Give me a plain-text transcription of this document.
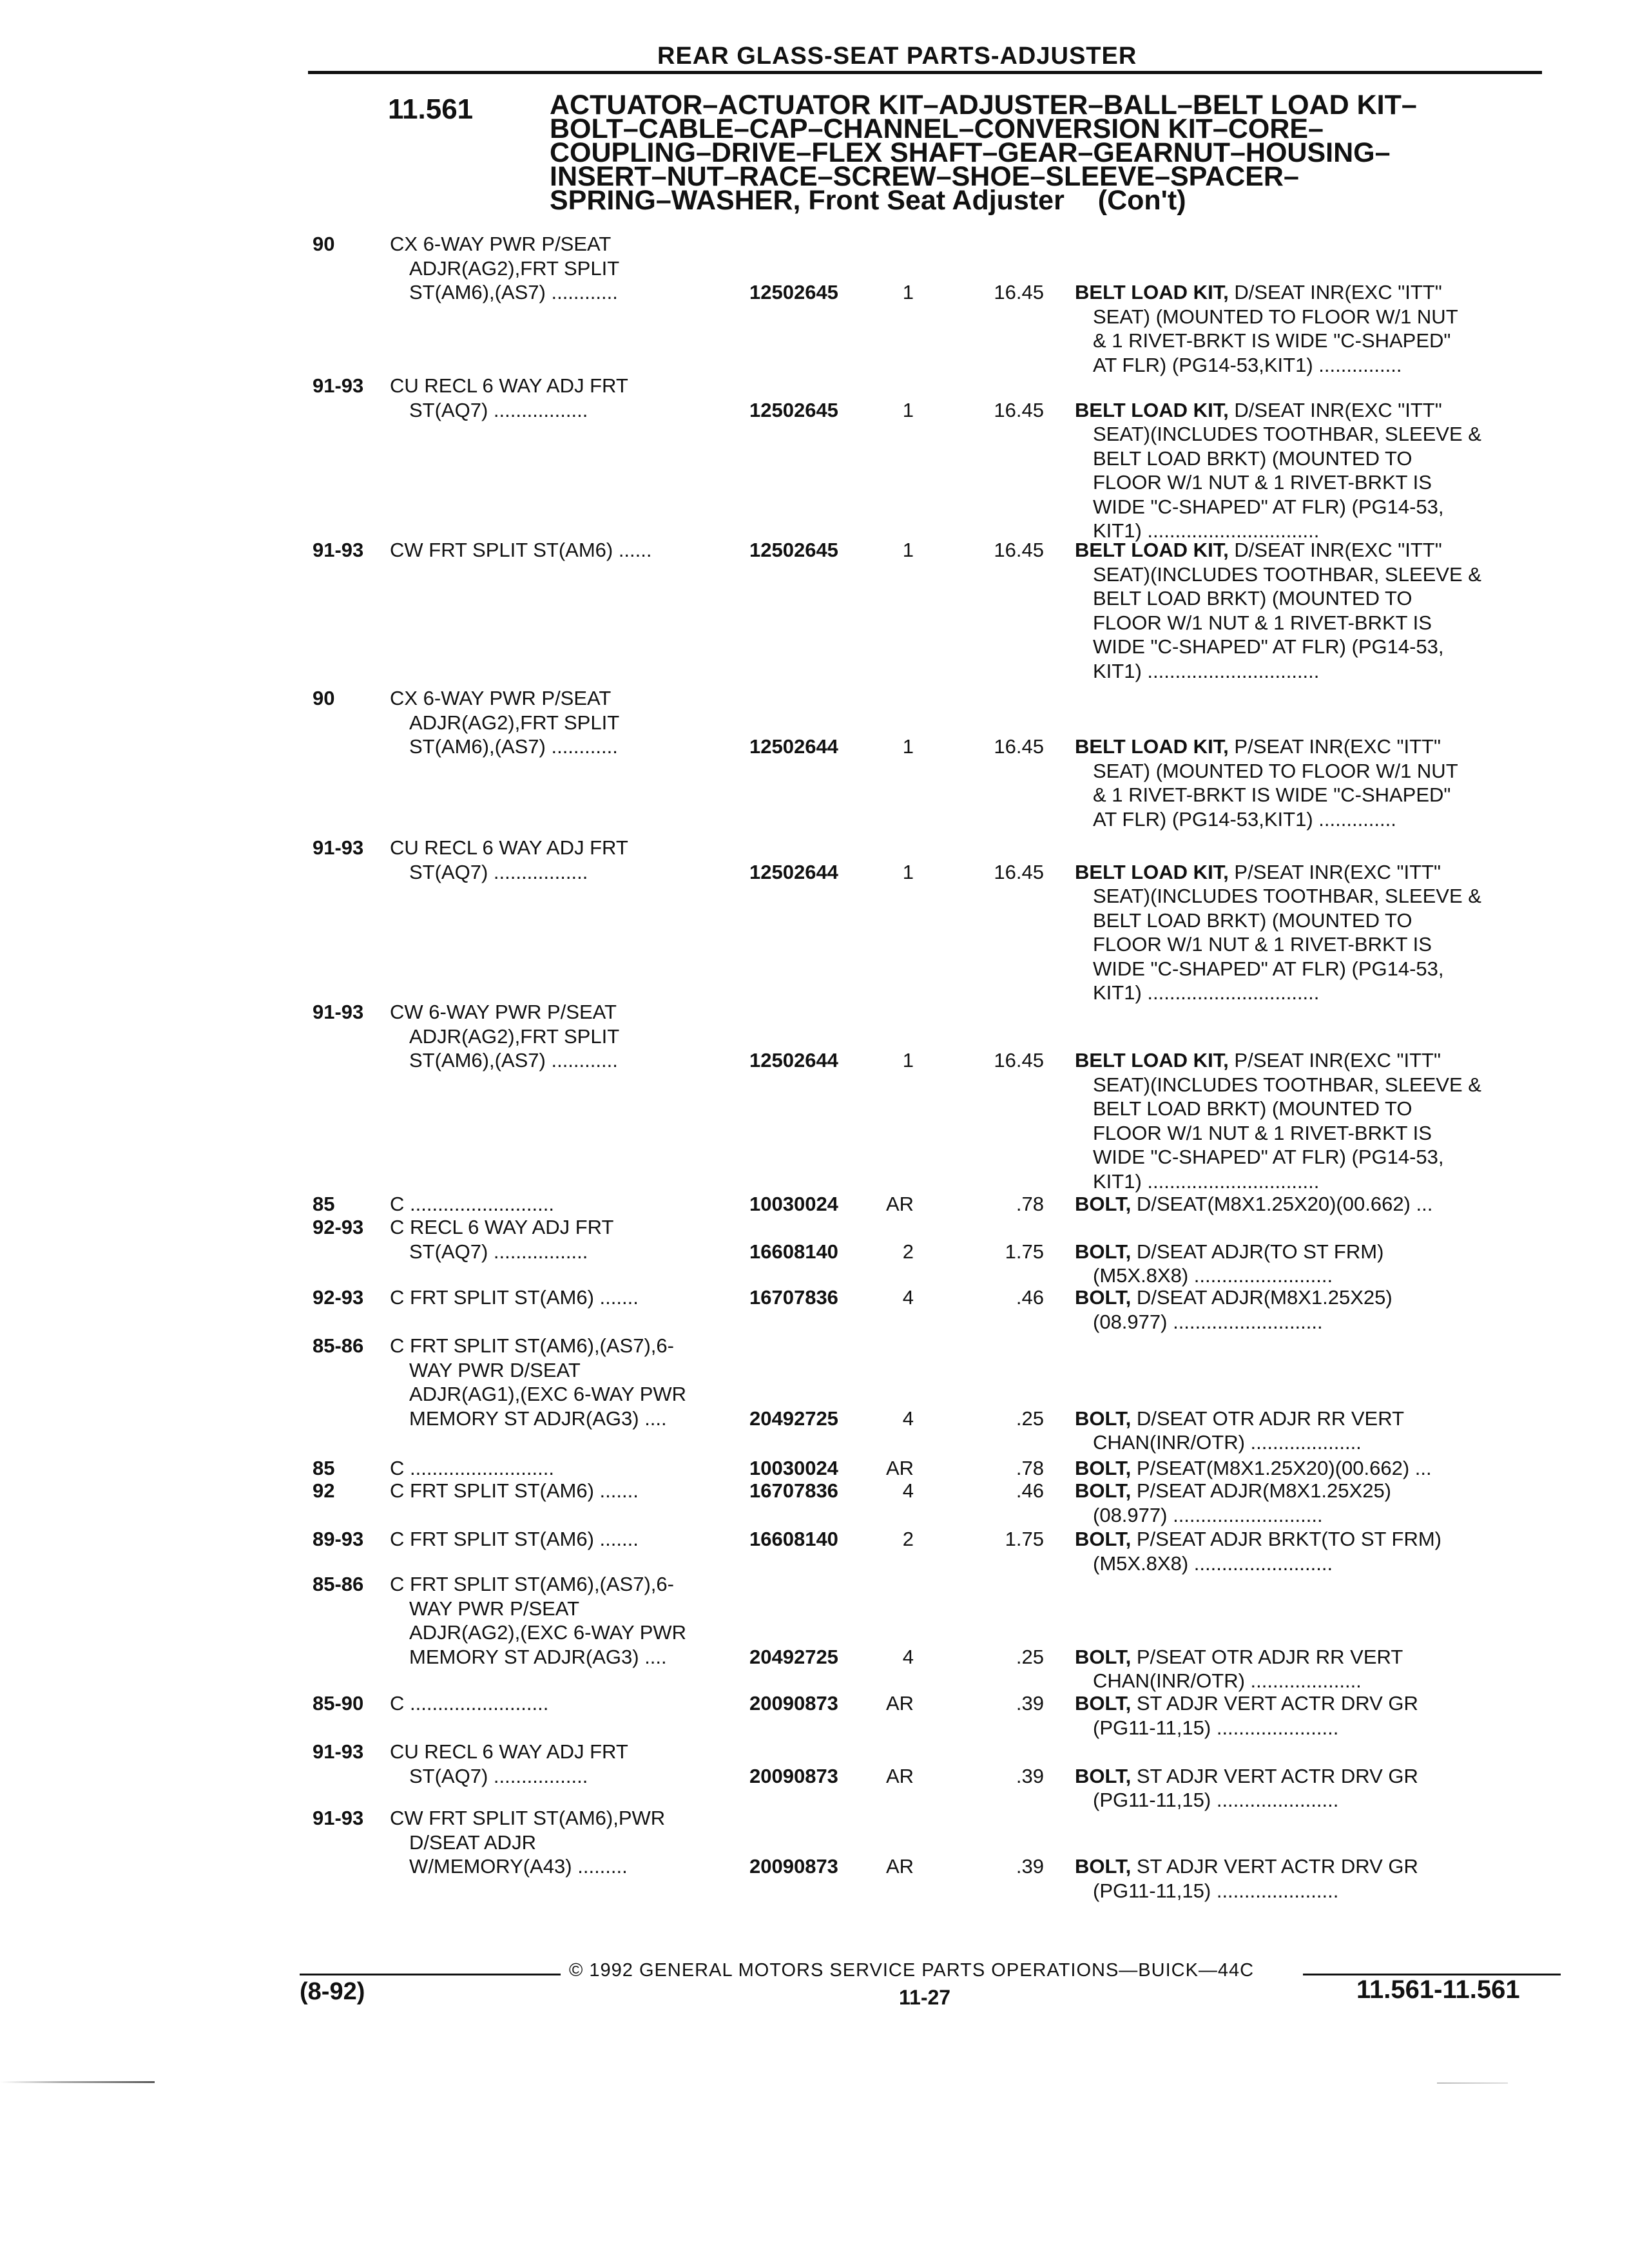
REAR GLASS-SEAT PARTS-ADJUSTER
11.561	ACTUATOR–ACTUATOR KIT–ADJUSTER–BALL–BELT LOAD KIT–
BOLT–CABLE–CAP–CHANNEL–CONVERSION KIT–CORE–
COUPLING–DRIVE–FLEX SHAFT–GEAR–GEARNUT–HOUSING–
INSERT–NUT–RACE–SCREW–SHOE–SLEEVE–SPACER–
SPRING–WASHER, Front Seat Adjuster (Con't)
90	CX 6-WAY PWR P/SEAT
ADJR(AG2),FRT SPLIT
ST(AM6),(AS7) ............	12502645	1	16.45 BELT LOAD KIT, D/SEAT INR(EXC "ITT"
SEAT) (MOUNTED TO FLOOR W/1 NUT
& 1 RIVET-BRKT IS WIDE "C-SHAPED"
AT FLR) (PG14-53,KIT1) ...............
91-93 CU RECL 6 WAY ADJ FRT
ST(AQ7) .................	12502645	1	16.45 BELT LOAD KIT, D/SEAT INR(EXC "ITT"
SEAT)(INCLUDES TOOTHBAR, SLEEVE &
BELT LOAD BRKT) (MOUNTED TO
FLOOR W/1 NUT & 1 RIVET-BRKT IS
WIDE "C-SHAPED" AT FLR) (PG14-53,
KIT1) ...............................
91-93 CW FRT SPLIT ST(AM6) ......	12502645	1	16.45 BELT LOAD KIT, D/SEAT INR(EXC "ITT"
SEAT)(INCLUDES TOOTHBAR, SLEEVE &
BELT LOAD BRKT) (MOUNTED TO
FLOOR W/1 NUT & 1 RIVET-BRKT IS
WIDE "C-SHAPED" AT FLR) (PG14-53,
KIT1) ...............................
90	CX 6-WAY PWR P/SEAT
ADJR(AG2),FRT SPLIT
ST(AM6),(AS7) ............	12502644	1	16.45 BELT LOAD KIT, P/SEAT INR(EXC "ITT"
SEAT) (MOUNTED TO FLOOR W/1 NUT
& 1 RIVET-BRKT IS WIDE "C-SHAPED"
AT FLR) (PG14-53,KIT1) ..............
91-93 CU RECL 6 WAY ADJ FRT
ST(AQ7) .................	12502644	1	16.45 BELT LOAD KIT, P/SEAT INR(EXC "ITT"
SEAT)(INCLUDES TOOTHBAR, SLEEVE &
BELT LOAD BRKT) (MOUNTED TO
FLOOR W/1 NUT & 1 RIVET-BRKT IS
WIDE "C-SHAPED" AT FLR) (PG14-53,
KIT1) ...............................
91-93 CW 6-WAY PWR P/SEAT
ADJR(AG2),FRT SPLIT
ST(AM6),(AS7) ............	12502644	1	16.45 BELT LOAD KIT, P/SEAT INR(EXC "ITT"
SEAT)(INCLUDES TOOTHBAR, SLEEVE &
BELT LOAD BRKT) (MOUNTED TO
FLOOR W/1 NUT & 1 RIVET-BRKT IS
WIDE "C-SHAPED" AT FLR) (PG14-53,
KIT1) ...............................
85	C ..........................	10030024 AR	.78 BOLT, D/SEAT(M8X1.25X20)(00.662) ...
92-93 C RECL 6 WAY ADJ FRT
ST(AQ7) .................	16608140	2	1.75 BOLT, D/SEAT ADJR(TO ST FRM)
(M5X.8X8) .........................
92-93 C FRT SPLIT ST(AM6) .......	16707836	4	.46 BOLT, D/SEAT ADJR(M8X1.25X25)
(08.977) ...........................
85-86 C FRT SPLIT ST(AM6),(AS7),6-
WAY PWR D/SEAT
ADJR(AG1),(EXC 6-WAY PWR
MEMORY ST ADJR(AG3) ....	20492725	4	.25 BOLT, D/SEAT OTR ADJR RR VERT
CHAN(INR/OTR) ....................
85	C ..........................	10030024 AR	.78 BOLT, P/SEAT(M8X1.25X20)(00.662) ...
92	C FRT SPLIT ST(AM6) .......	16707836	4	.46 BOLT, P/SEAT ADJR(M8X1.25X25)
(08.977) ...........................
89-93 C FRT SPLIT ST(AM6) .......	16608140	2	1.75 BOLT, P/SEAT ADJR BRKT(TO ST FRM)
(M5X.8X8) .........................
85-86 C FRT SPLIT ST(AM6),(AS7),6-
WAY PWR P/SEAT
ADJR(AG2),(EXC 6-WAY PWR
MEMORY ST ADJR(AG3) ....	20492725	4	.25 BOLT, P/SEAT OTR ADJR RR VERT
CHAN(INR/OTR) ....................
85-90 C .........................	20090873 AR	.39 BOLT, ST ADJR VERT ACTR DRV GR
(PG11-11,15) ......................
91-93 CU RECL 6 WAY ADJ FRT
ST(AQ7) .................	20090873 AR	.39 BOLT, ST ADJR VERT ACTR DRV GR
(PG11-11,15) ......................
91-93 CW FRT SPLIT ST(AM6),PWR
D/SEAT ADJR
W/MEMORY(A43) .........	20090873 AR	.39 BOLT, ST ADJR VERT ACTR DRV GR
(PG11-11,15) ......................
© 1992 GENERAL MOTORS SERVICE PARTS OPERATIONS—BUICK—44C
(8-92)	11-27	11.561-11.561
